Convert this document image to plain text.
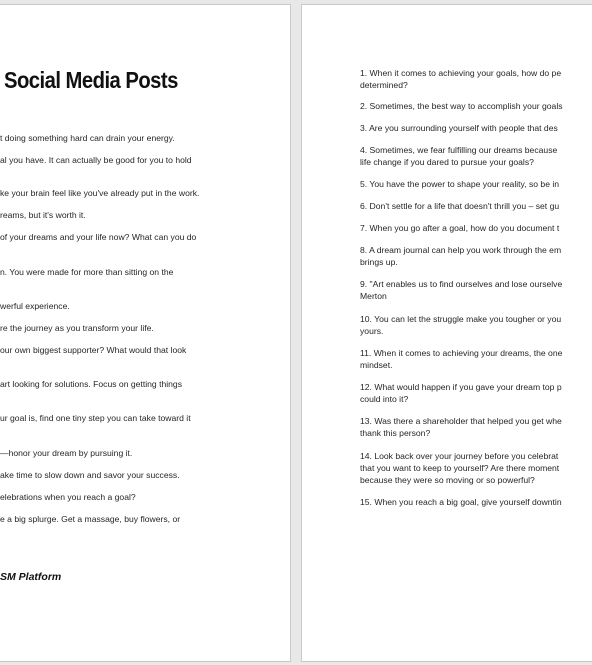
Social Media Posts
t doing something hard can drain your energy.
al you have. It can actually be good for you to hold
ke your brain feel like you've already put in the work.
reams, but it's worth it.
of your dreams and your life now? What can you do
n. You were made for more than sitting on the
werful experience.
re the journey as you transform your life.
our own biggest supporter? What would that look
art looking for solutions. Focus on getting things
ur goal is, find one tiny step you can take toward it
—honor your dream by pursuing it.
ake time to slow down and savor your success.
elebrations when you reach a goal?
e a big splurge. Get a massage, buy flowers, or
SM Platform
1. When it comes to achieving your goals, how do pe
determined?
2. Sometimes, the best way to accomplish your goals
3. Are you surrounding yourself with people that des
4. Sometimes, we fear fulfilling our dreams because
life change if you dared to pursue your goals?
5. You have the power to shape your reality, so be in
6. Don't settle for a life that doesn't thrill you – set gu
7. When you go after a goal, how do you document t
8. A dream journal can help you work through the em
brings up.
9. "Art enables us to find ourselves and lose ourselve
Merton
10. You can let the struggle make you tougher or you
yours.
11. When it comes to achieving your dreams, the one
mindset.
12. What would happen if you gave your dream top p
could into it?
13. Was there a shareholder that helped you get whe
thank this person?
14. Look back over your journey before you celebrat
that you want to keep to yourself? Are there moment
because they were so moving or so powerful?
15. When you reach a big goal, give yourself downtin
